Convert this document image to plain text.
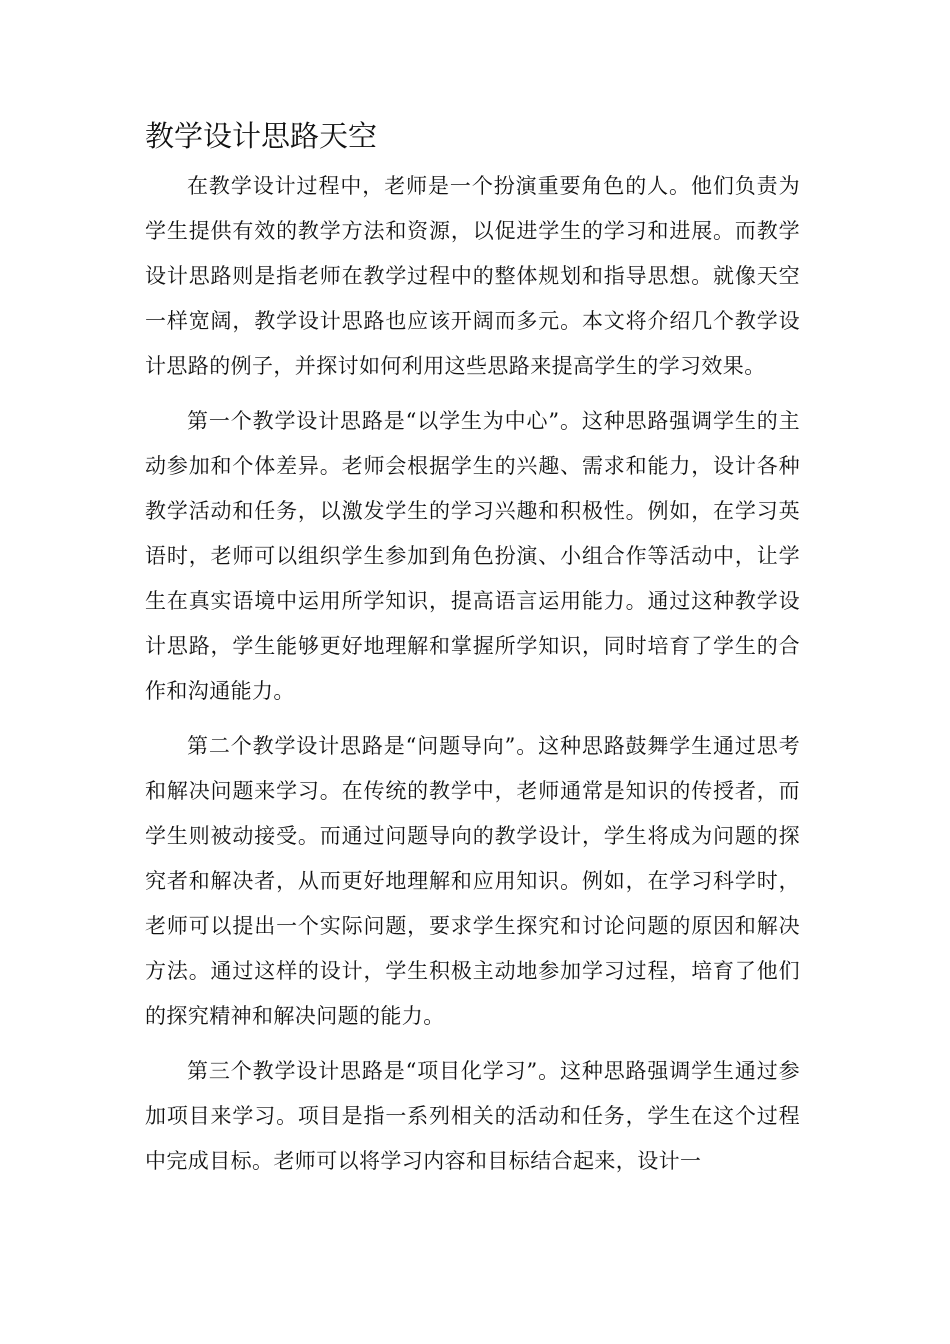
教学设计思路天空

在教学设计过程中，老师是一个扮演重要角色的人。他们负责为学生提供有效的教学方法和资源，以促进学生的学习和进展。而教学设计思路则是指老师在教学过程中的整体规划和指导思想。就像天空一样宽阔，教学设计思路也应该开阔而多元。本文将介绍几个教学设计思路的例子，并探讨如何利用这些思路来提高学生的学习效果。

第一个教学设计思路是“以学生为中心”。这种思路强调学生的主动参加和个体差异。老师会根据学生的兴趣、需求和能力，设计各种教学活动和任务，以激发学生的学习兴趣和积极性。例如，在学习英语时，老师可以组织学生参加到角色扮演、小组合作等活动中，让学生在真实语境中运用所学知识，提高语言运用能力。通过这种教学设计思路，学生能够更好地理解和掌握所学知识，同时培育了学生的合作和沟通能力。

第二个教学设计思路是“问题导向”。这种思路鼓舞学生通过思考和解决问题来学习。在传统的教学中，老师通常是知识的传授者，而学生则被动接受。而通过问题导向的教学设计，学生将成为问题的探究者和解决者，从而更好地理解和应用知识。例如，在学习科学时，老师可以提出一个实际问题，要求学生探究和讨论问题的原因和解决方法。通过这样的设计，学生积极主动地参加学习过程，培育了他们的探究精神和解决问题的能力。

第三个教学设计思路是“项目化学习”。这种思路强调学生通过参加项目来学习。项目是指一系列相关的活动和任务，学生在这个过程中完成目标。老师可以将学习内容和目标结合起来，设计一
